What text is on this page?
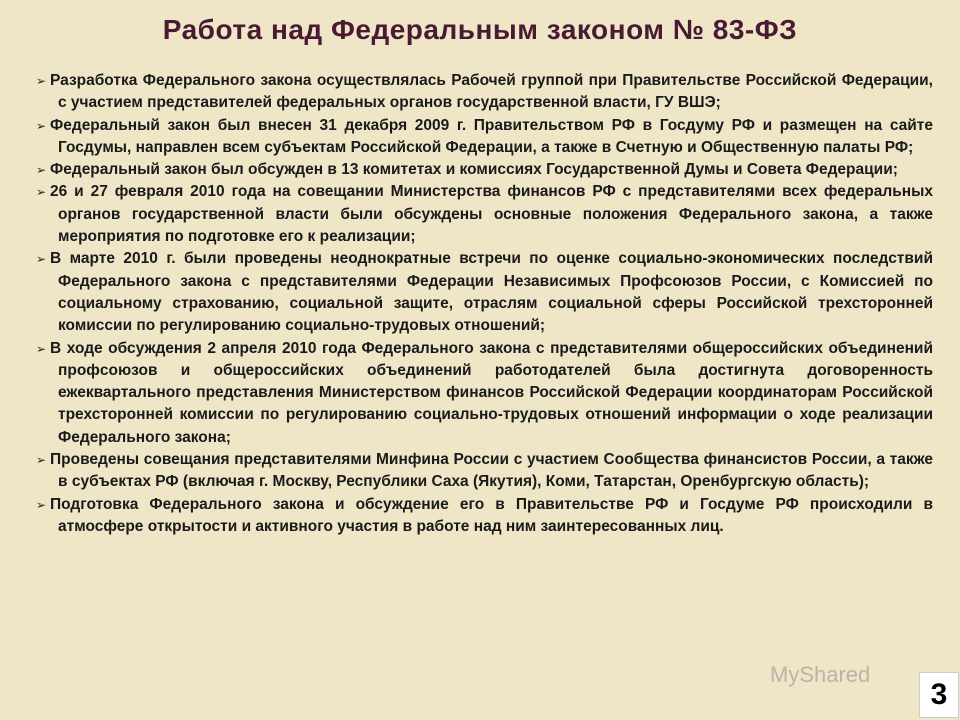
Работа над Федеральным законом № 83-ФЗ
➢ Разработка Федерального закона осуществлялась Рабочей группой при Правительстве Российской Федерации, с участием представителей федеральных органов государственной власти, ГУ ВШЭ;
➢ Федеральный закон был внесен 31 декабря 2009 г. Правительством РФ в Госдуму РФ и размещен на сайте Госдумы, направлен всем субъектам Российской Федерации, а также в Счетную и Общественную палаты РФ;
➢ Федеральный закон был обсужден в 13 комитетах и комиссиях Государственной Думы и Совета Федерации;
➢ 26 и 27 февраля 2010 года на совещании Министерства финансов РФ с представителями всех федеральных органов государственной власти были обсуждены основные положения Федерального закона, а также мероприятия по подготовке его к реализации;
➢ В марте 2010 г. были проведены неоднократные встречи по оценке социально-экономических последствий Федерального закона с представителями Федерации Независимых Профсоюзов России, с Комиссией по социальному страхованию, социальной защите, отраслям социальной сферы Российской трехсторонней комиссии по регулированию социально-трудовых отношений;
➢ В ходе обсуждения 2 апреля 2010 года Федерального закона с представителями общероссийских объединений профсоюзов и общероссийских объединений работодателей была достигнута договоренность ежеквартального представления Министерством финансов Российской Федерации координаторам Российской трехсторонней комиссии по регулированию социально-трудовых отношений информации о ходе реализации Федерального закона;
➢ Проведены совещания представителями Минфина России с участием Сообщества финансистов России, а также в субъектах РФ (включая г. Москву, Республики Саха (Якутия), Коми, Татарстан, Оренбургскую область);
➢ Подготовка Федерального закона и обсуждение его в Правительстве РФ и Госдуме РФ происходили в атмосфере открытости и активного участия в работе над ним заинтересованных лиц.
MyShared
3
